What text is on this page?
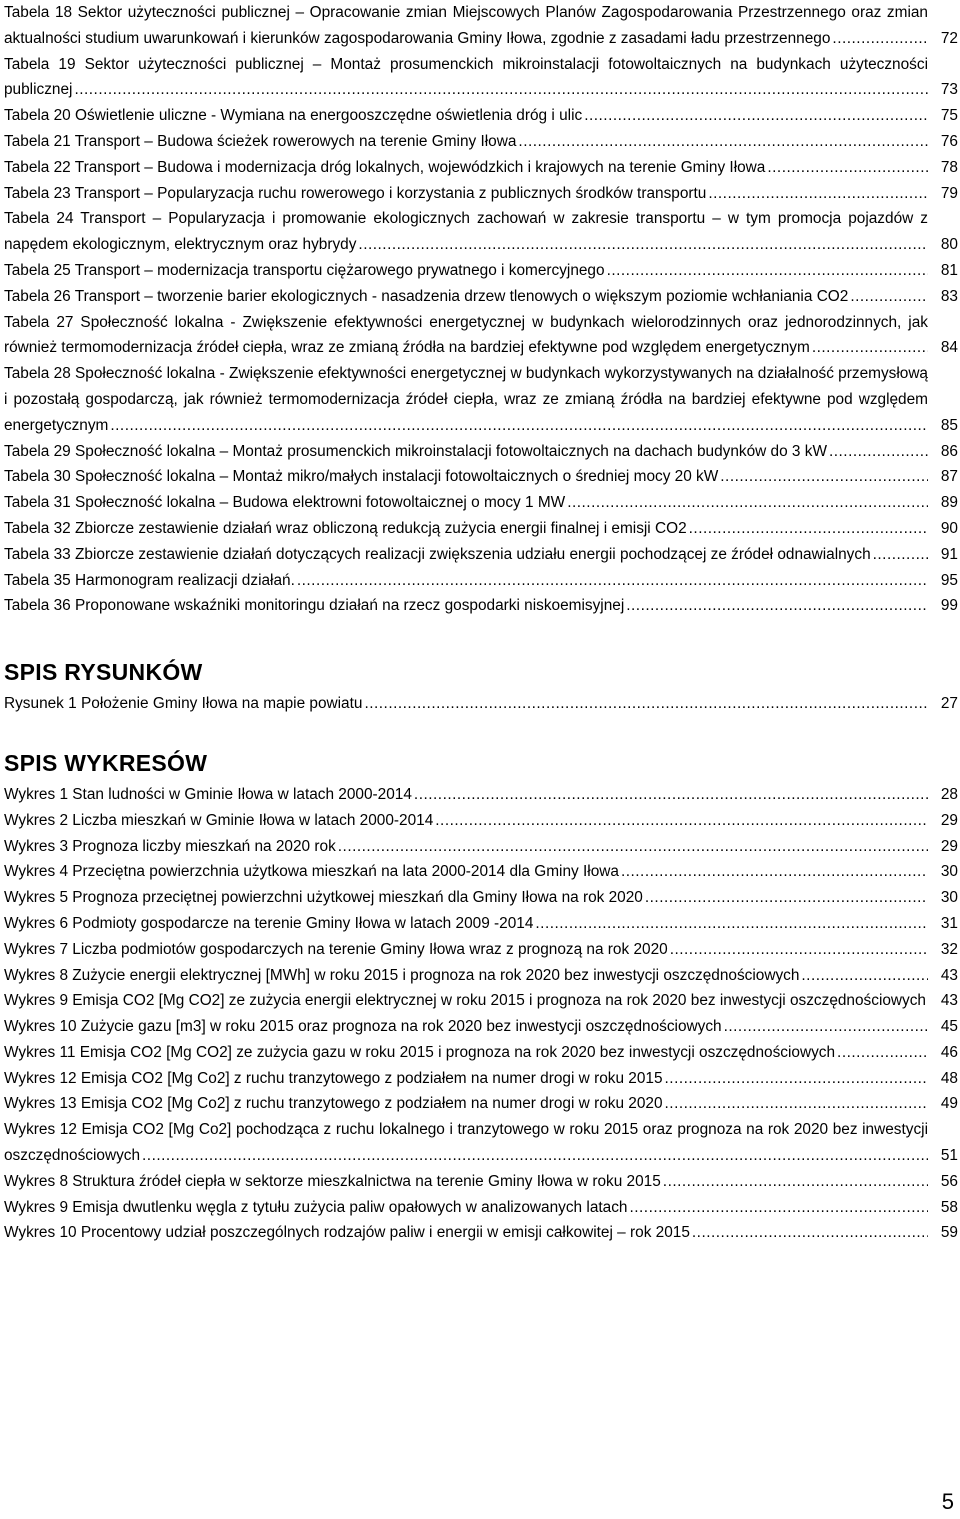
Tabela 18 Sektor użyteczności publicznej – Opracowanie zmian Miejscowych Planów Zagospodarowania Przestrzennego oraz zmian aktualności studium uwarunkowań i kierunków zagospodarowania Gminy Iłowa, zgodnie z zasadami ładu przestrzennego .....	72
Tabela 19 Sektor użyteczności publicznej – Montaż prosumenckich mikroinstalacji fotowoltaicznych na budynkach użyteczności publicznej .....	73
Tabela 20 Oświetlenie uliczne - Wymiana na energooszczędne oświetlenia dróg i ulic .....	75
Tabela 21 Transport – Budowa ścieżek rowerowych na terenie Gminy Iłowa .....	76
Tabela 22 Transport – Budowa i modernizacja dróg lokalnych, wojewódzkich i krajowych na terenie Gminy Iłowa .....	78
Tabela 23 Transport – Popularyzacja ruchu rowerowego i korzystania z publicznych środków transportu .....	79
Tabela 24 Transport – Popularyzacja i promowanie ekologicznych zachowań w zakresie transportu – w tym promocja pojazdów z napędem ekologicznym, elektrycznym oraz hybrydy .....	80
Tabela 25 Transport – modernizacja transportu ciężarowego prywatnego i komercyjnego .....	81
Tabela 26 Transport – tworzenie barier ekologicznych - nasadzenia drzew tlenowych o większym poziomie wchłaniania CO2 .....	83
Tabela 27 Społeczność lokalna - Zwiększenie efektywności energetycznej w budynkach wielorodzinnych oraz jednorodzinnych, jak również termomodernizacja źródeł ciepła, wraz ze zmianą źródła na bardziej efektywne pod względem energetycznym .....	84
Tabela 28 Społeczność lokalna - Zwiększenie efektywności energetycznej w budynkach wykorzystywanych na działalność przemysłową i pozostałą gospodarczą, jak również termomodernizacja źródeł ciepła, wraz ze zmianą źródła na bardziej efektywne pod względem energetycznym .....	85
Tabela 29 Społeczność lokalna – Montaż prosumenckich mikroinstalacji fotowoltaicznych na dachach budynków do 3 kW .....	86
Tabela 30 Społeczność lokalna – Montaż mikro/małych instalacji fotowoltaicznych o średniej mocy 20 kW .....	87
Tabela 31 Społeczność lokalna – Budowa elektrowni fotowoltaicznej o mocy 1 MW .....	89
Tabela 32 Zbiorcze zestawienie działań wraz obliczoną redukcją zużycia energii finalnej i emisji CO2 .....	90
Tabela 33 Zbiorcze zestawienie działań dotyczących realizacji zwiększenia udziału energii pochodzącej ze źródeł odnawialnych .....	91
Tabela 35 Harmonogram realizacji działań. .....	95
Tabela 36 Proponowane wskaźniki monitoringu działań na rzecz gospodarki niskoemisyjnej .....	99
SPIS RYSUNKÓW
Rysunek 1 Położenie Gminy Iłowa na mapie powiatu .....	27
SPIS WYKRESÓW
Wykres 1 Stan ludności w Gminie Iłowa w latach 2000-2014 .....	28
Wykres 2 Liczba mieszkań w Gminie Iłowa w latach 2000-2014 .....	29
Wykres 3 Prognoza liczby mieszkań na 2020 rok .....	29
Wykres 4 Przeciętna powierzchnia użytkowa mieszkań na lata 2000-2014 dla Gminy Iłowa .....	30
Wykres 5 Prognoza przeciętnej powierzchni użytkowej mieszkań dla Gminy Iłowa na rok 2020 .....	30
Wykres 6 Podmioty gospodarcze na terenie Gminy Iłowa w latach 2009 -2014 .....	31
Wykres 7 Liczba podmiotów gospodarczych na terenie Gminy Iłowa wraz z prognozą na rok 2020 .....	32
Wykres 8 Zużycie energii elektrycznej [MWh] w roku 2015 i prognoza na rok 2020 bez inwestycji oszczędnościowych .....	43
Wykres 9 Emisja CO2 [Mg CO2] ze zużycia energii elektrycznej w roku 2015 i prognoza na rok 2020 bez inwestycji oszczędnościowych ..... 43
Wykres 10 Zużycie gazu [m3] w roku 2015 oraz prognoza na rok 2020 bez inwestycji oszczędnościowych .....	45
Wykres 11 Emisja CO2 [Mg CO2] ze zużycia gazu w roku 2015 i prognoza na rok 2020 bez inwestycji oszczędnościowych .....	46
Wykres 12 Emisja CO2 [Mg Co2] z ruchu tranzytowego z podziałem na numer drogi w roku 2015 .....	48
Wykres 13 Emisja CO2 [Mg Co2] z ruchu tranzytowego z podziałem na numer drogi w roku 2020 .....	49
Wykres 12 Emisja CO2 [Mg Co2] pochodząca z ruchu lokalnego i tranzytowego w roku 2015 oraz prognoza na rok 2020 bez inwestycji oszczędnościowych .....	51
Wykres 8 Struktura źródeł ciepła w sektorze mieszkalnictwa na terenie Gminy Iłowa w roku 2015 .....	56
Wykres 9 Emisja dwutlenku węgla z tytułu zużycia paliw opałowych w analizowanych latach .....	58
Wykres 10 Procentowy udział poszczególnych rodzajów paliw i energii w emisji całkowitej – rok 2015 .....	59
5
